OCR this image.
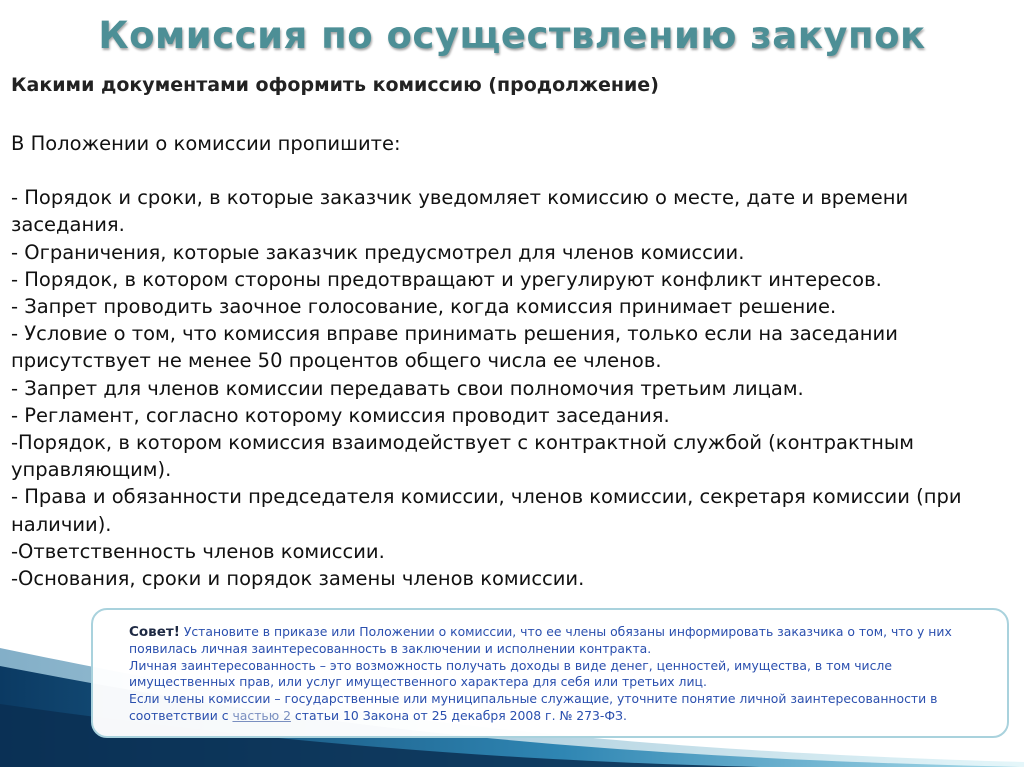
Комиссия по осуществлению закупок
Какими документами оформить комиссию (продолжение)

В Положении о комиссии пропишите:

- Порядок и сроки, в которые заказчик уведомляет комиссию о месте, дате и времени заседания.

- Ограничения, которые заказчик предусмотрел для членов комиссии.

- Порядок, в котором стороны предотвращают и урегулируют конфликт интересов.

- Запрет проводить заочное голосование, когда комиссия принимает решение.

- Условие о том, что комиссия вправе принимать решения, только если на заседании присутствует не менее 50 процентов общего числа ее членов.

- Запрет для членов комиссии передавать свои полномочия третьим лицам.

- Регламент, согласно которому комиссия проводит заседания.

-Порядок, в котором комиссия взаимодействует с контрактной службой (контрактным управляющим).

- Права и обязанности председателя комиссии, членов комиссии, секретаря комиссии (при наличии).

-Ответственность членов комиссии.

-Основания, сроки и порядок замены членов комиссии.

Совет! Установите в приказе или Положении о комиссии, что ее члены обязаны информировать заказчика о том, что у них появилась личная заинтересованность в заключении и исполнении контракта.
Личная заинтересованность – это возможность получать доходы в виде денег, ценностей, имущества, в том числе имущественных прав, или услуг имущественного характера для себя или третьих лиц.
Если члены комиссии – государственные или муниципальные служащие, уточните понятие личной заинтересованности в соответствии с частью 2 статьи 10 Закона от 25 декабря 2008 г. № 273-ФЗ.
